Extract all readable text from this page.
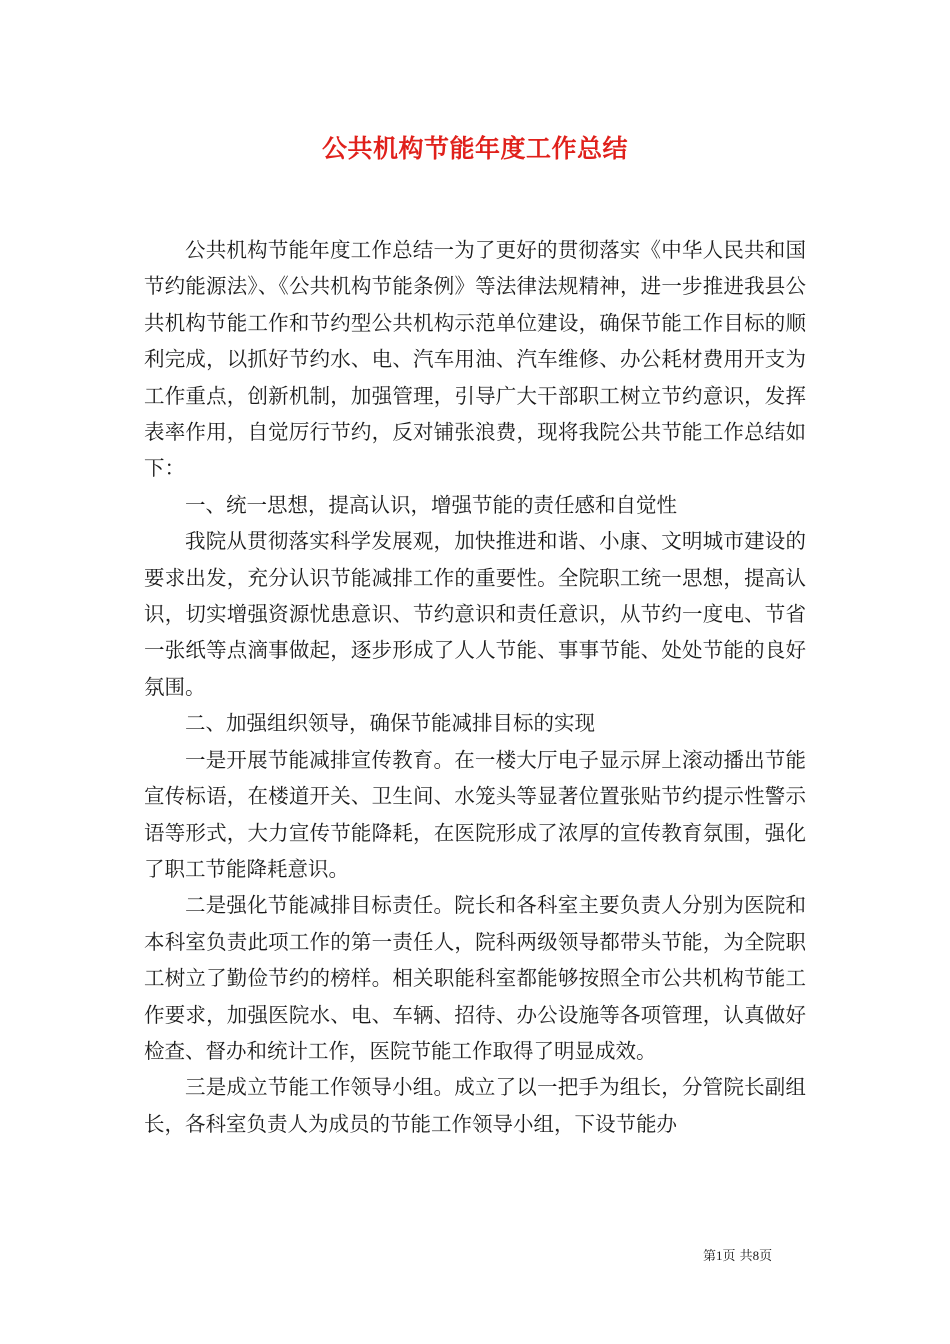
公共机构节能年度工作总结

公共机构节能年度工作总结一为了更好的贯彻落实《中华人民共和国节约能源法》、《公共机构节能条例》等法律法规精神，进一步推进我县公共机构节能工作和节约型公共机构示范单位建设，确保节能工作目标的顺利完成，以抓好节约水、电、汽车用油、汽车维修、办公耗材费用开支为工作重点，创新机制，加强管理，引导广大干部职工树立节约意识，发挥表率作用，自觉厉行节约，反对铺张浪费，现将我院公共节能工作总结如下：

一、统一思想，提高认识，增强节能的责任感和自觉性

我院从贯彻落实科学发展观，加快推进和谐、小康、文明城市建设的要求出发，充分认识节能减排工作的重要性。全院职工统一思想，提高认识，切实增强资源忧患意识、节约意识和责任意识，从节约一度电、节省一张纸等点滴事做起，逐步形成了人人节能、事事节能、处处节能的良好氛围。

二、加强组织领导，确保节能减排目标的实现

一是开展节能减排宣传教育。在一楼大厅电子显示屏上滚动播出节能宣传标语，在楼道开关、卫生间、水笼头等显著位置张贴节约提示性警示语等形式，大力宣传节能降耗，在医院形成了浓厚的宣传教育氛围，强化了职工节能降耗意识。

二是强化节能减排目标责任。院长和各科室主要负责人分别为医院和本科室负责此项工作的第一责任人，院科两级领导都带头节能，为全院职工树立了勤俭节约的榜样。相关职能科室都能够按照全市公共机构节能工作要求，加强医院水、电、车辆、招待、办公设施等各项管理，认真做好检查、督办和统计工作，医院节能工作取得了明显成效。

三是成立节能工作领导小组。成立了以一把手为组长，分管院长副组长，各科室负责人为成员的节能工作领导小组，下设节能办

第1页 共8页
